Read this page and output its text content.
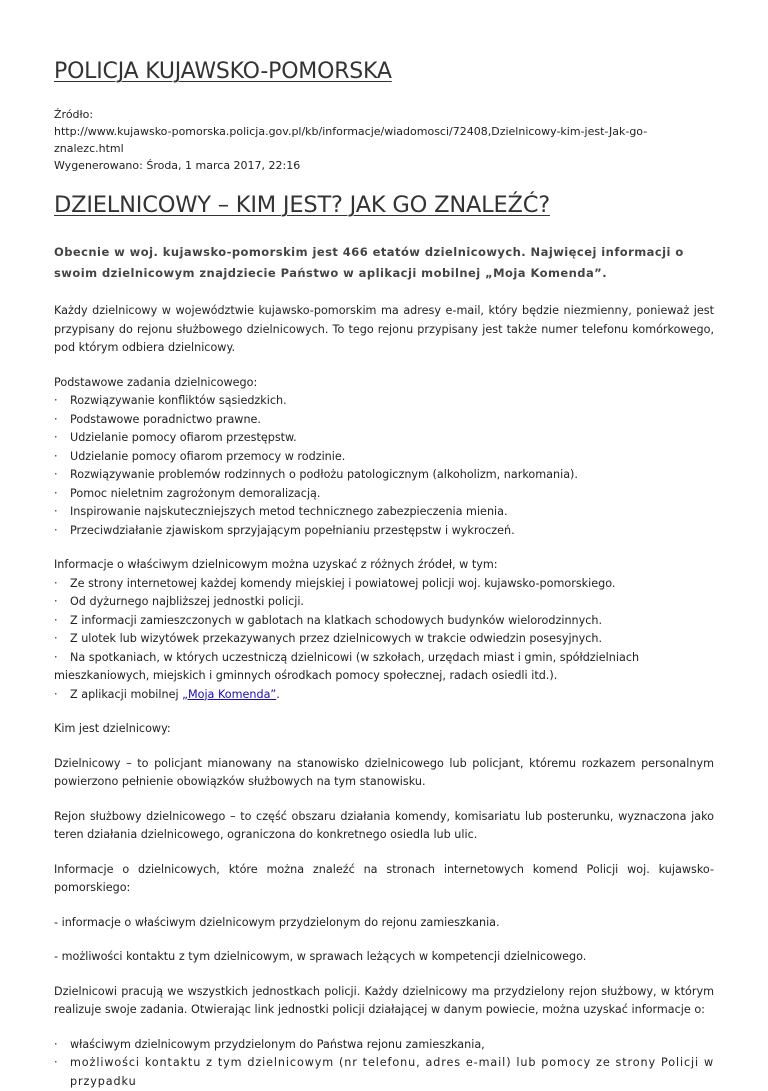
POLICJA KUJAWSKO-POMORSKA
Źródło:
http://www.kujawsko-pomorska.policja.gov.pl/kb/informacje/wiadomosci/72408,Dzielnicowy-kim-jest-Jak-go-znalezc.html
Wygenerowano: Środa, 1 marca 2017, 22:16
DZIELNICOWY – KIM JEST? JAK GO ZNALEŹĆ?

Obecnie w woj. kujawsko-pomorskim jest 466 etatów dzielnicowych. Najwięcej informacji o swoim dzielnicowym znajdziecie Państwo w aplikacji mobilnej „Moja Komenda”.

Każdy dzielnicowy w województwie kujawsko-pomorskim ma adresy e-mail, który będzie niezmienny, ponieważ jest przypisany do rejonu służbowego dzielnicowych. To tego rejonu przypisany jest także numer telefonu komórkowego, pod którym odbiera dzielnicowy.

Podstawowe zadania dzielnicowego:
· Rozwiązywanie konfliktów sąsiedzkich.
· Podstawowe poradnictwo prawne.
· Udzielanie pomocy ofiarom przestępstw.
· Udzielanie pomocy ofiarom przemocy w rodzinie.
· Rozwiązywanie problemów rodzinnych o podłożu patologicznym (alkoholizm, narkomania).
· Pomoc nieletnim zagrożonym demoralizacją.
· Inspirowanie najskuteczniejszych metod technicznego zabezpieczenia mienia.
· Przeciwdziałanie zjawiskom sprzyjającym popełnianiu przestępstw i wykroczeń.
Informacje o właściwym dzielnicowym można uzyskać z różnych źródeł, w tym:
· Ze strony internetowej każdej komendy miejskiej i powiatowej policji woj. kujawsko-pomorskiego.
· Od dyżurnego najbliższej jednostki policji.
· Z informacji zamieszczonych w gablotach na klatkach schodowych budynków wielorodzinnych.
· Z ulotek lub wizytówek przekazywanych przez dzielnicowych w trakcie odwiedzin posesyjnych.
· Na spotkaniach, w których uczestniczą dzielnicowi (w szkołach, urzędach miast i gmin, spółdzielniach mieszkaniowych, miejskich i gminnych ośrodkach pomocy społecznej, radach osiedli itd.).
· Z aplikacji mobilnej „Moja Komenda”.

Kim jest dzielnicowy:

Dzielnicowy – to policjant mianowany na stanowisko dzielnicowego lub policjant, któremu rozkazem personalnym powierzono pełnienie obowiązków służbowych na tym stanowisku.

Rejon służbowy dzielnicowego – to część obszaru działania komendy, komisariatu lub posterunku, wyznaczona jako teren działania dzielnicowego, ograniczona do konkretnego osiedla lub ulic.

Informacje o dzielnicowych, które można znaleźć na stronach internetowych komend Policji woj. kujawsko-pomorskiego:

- informacje o właściwym dzielnicowym przydzielonym do rejonu zamieszkania.

- możliwości kontaktu z tym dzielnicowym, w sprawach leżących w kompetencji dzielnicowego.

Dzielnicowi pracują we wszystkich jednostkach policji. Każdy dzielnicowy ma przydzielony rejon służbowy, w którym realizuje swoje zadania. Otwierając link jednostki policji działającej w danym powiecie, można uzyskać informacje o:

· właściwym dzielnicowym przydzielonym do Państwa rejonu zamieszkania,
· możliwości kontaktu z tym dzielnicowym (nr telefonu, adres e-mail) lub pomocy ze strony Policji w przypadku
